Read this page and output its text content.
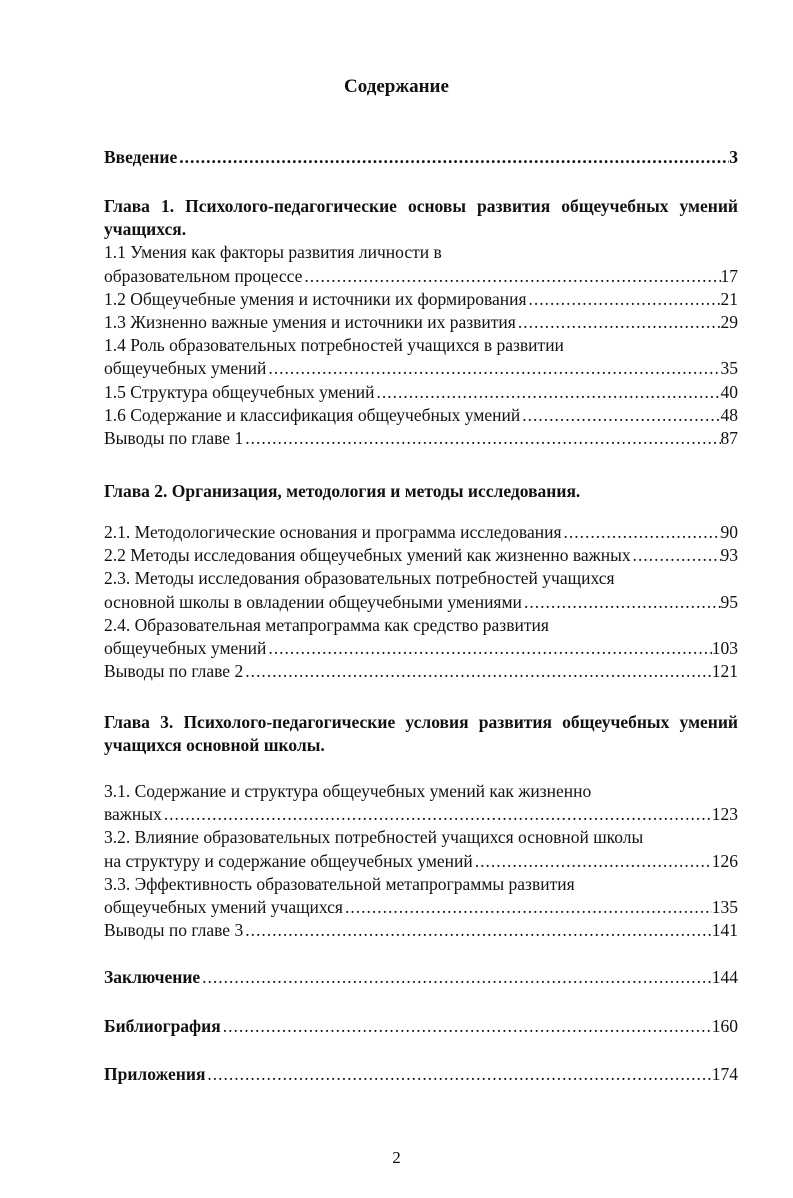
Содержание
Введение .....	3
Глава 1. Психолого-педагогические основы развития общеучебных умений учащихся.
1.1 Умения как факторы развития личности в
образовательном процессе .....	17
1.2 Общеучебные умения и источники их формирования .....	21
1.3 Жизненно важные умения и источники их развития .....	29
1.4 Роль образовательных потребностей учащихся в развитии
общеучебных умений .....	35
1.5 Структура общеучебных умений .....	40
1.6 Содержание и классификация общеучебных умений .....	48
Выводы по главе 1 .....	87
Глава 2. Организация, методология и методы исследования.
2.1. Методологические основания и программа исследования .....	90
2.2 Методы исследования общеучебных умений как жизненно важных .....	93
2.3. Методы исследования образовательных потребностей учащихся
основной школы в овладении общеучебными умениями .....	95
2.4. Образовательная метапрограмма как средство развития
общеучебных умений .....	103
Выводы по главе 2 .....	121
Глава 3. Психолого-педагогические условия развития общеучебных умений учащихся основной школы.
3.1. Содержание и структура общеучебных умений как жизненно
важных .....	123
3.2. Влияние образовательных потребностей учащихся основной школы
на структуру и содержание общеучебных умений .....	126
3.3. Эффективность образовательной метапрограммы развития
общеучебных умений учащихся .....	135
Выводы по главе 3 .....	141
Заключение .....	144
Библиография .....	160
Приложения .....	174
2
